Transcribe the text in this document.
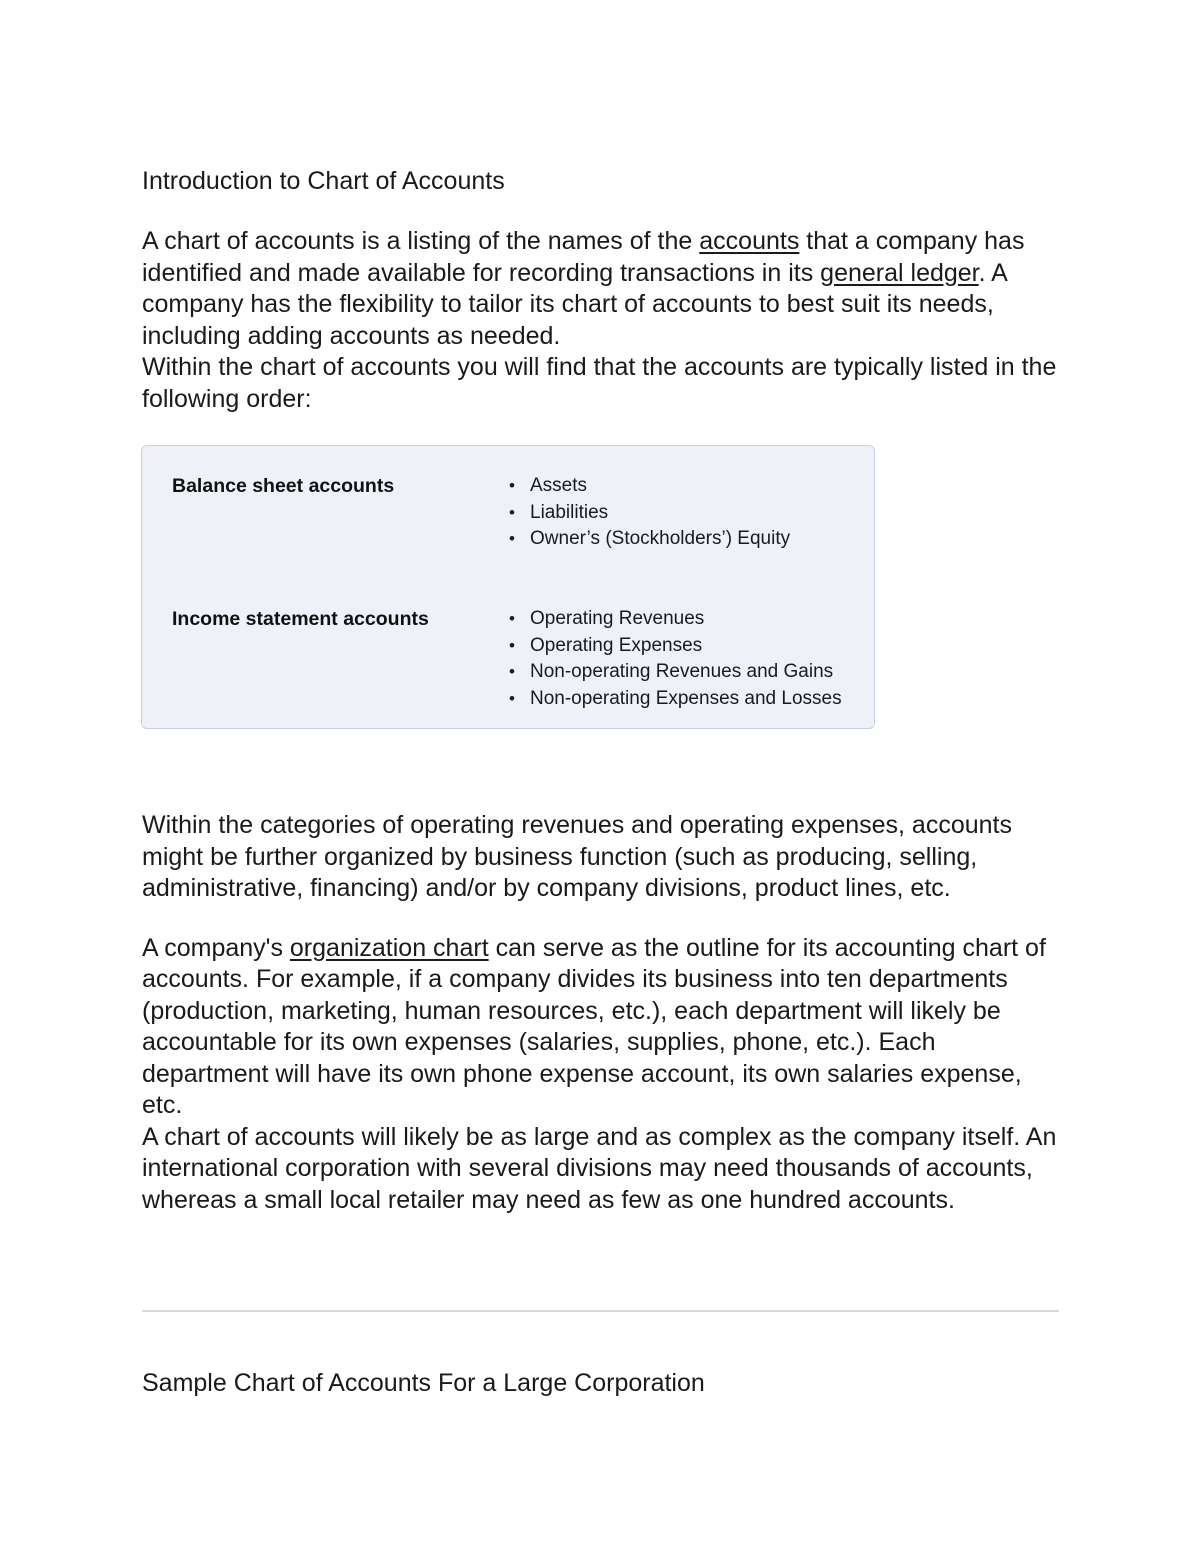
Introduction to Chart of Accounts

A chart of accounts is a listing of the names of the accounts that a company has identified and made available for recording transactions in its general ledger. A company has the flexibility to tailor its chart of accounts to best suit its needs, including adding accounts as needed.

Within the chart of accounts you will find that the accounts are typically listed in the following order:

Balance sheet accounts	• Assets
• Liabilities
• Owner’s (Stockholders’) Equity
Income statement accounts	• Operating Revenues
• Operating Expenses
• Non-operating Revenues and Gains
• Non-operating Expenses and Losses

Within the categories of operating revenues and operating expenses, accounts might be further organized by business function (such as producing, selling, administrative, financing) and/or by company divisions, product lines, etc.

A company's organization chart can serve as the outline for its accounting chart of accounts. For example, if a company divides its business into ten departments (production, marketing, human resources, etc.), each department will likely be accountable for its own expenses (salaries, supplies, phone, etc.). Each department will have its own phone expense account, its own salaries expense, etc.

A chart of accounts will likely be as large and as complex as the company itself. An international corporation with several divisions may need thousands of accounts, whereas a small local retailer may need as few as one hundred accounts.

Sample Chart of Accounts For a Large Corporation
